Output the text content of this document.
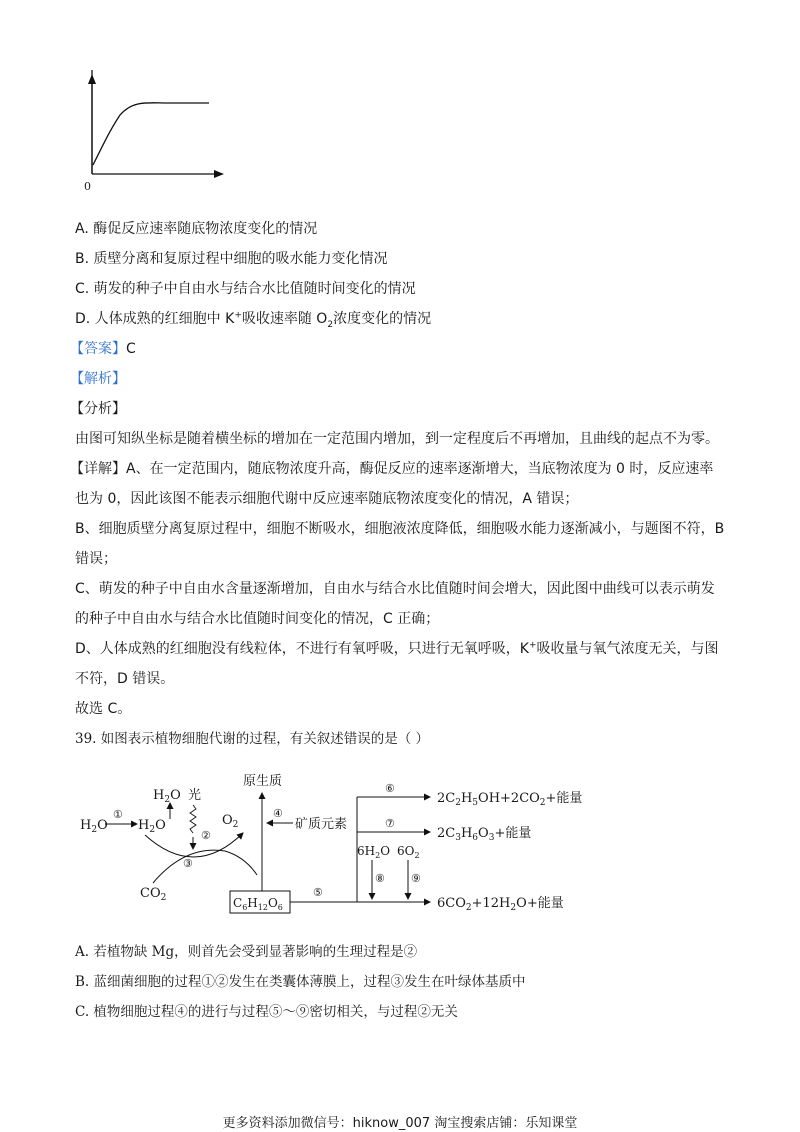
0
A. 酶促反应速率随底物浓度变化的情况
B. 质壁分离和复原过程中细胞的吸水能力变化情况
C. 萌发的种子中自由水与结合水比值随时间变化的情况
D. 人体成熟的红细胞中 K+吸收速率随 $O_2$浓度变化的情况
【答案】C
【解析】
【分析】
由图可知纵坐标是随着横坐标的增加在一定范围内增加，到一定程度后不再增加，且曲线的起点不为零。
【详解】A、在一定范围内，随底物浓度升高，酶促反应的速率逐渐增大，当底物浓度为 0 时，反应速率
也为 0，因此该图不能表示细胞代谢中反应速率随底物浓度变化的情况，A 错误；
B、细胞质壁分离复原过程中，细胞不断吸水，细胞液浓度降低，细胞吸水能力逐渐减小，与题图不符，B
错误；
C、萌发的种子中自由水含量逐渐增加，自由水与结合水比值随时间会增大，因此图中曲线可以表示萌发
的种子中自由水与结合水比值随时间变化的情况，C 正确；
D、人体成熟的红细胞没有线粒体，不进行有氧呼吸，只进行无氧呼吸，K+吸收量与氧气浓度无关，与图
不符，D 错误。
故选 C。
39. 如图表示植物细胞代谢的过程，有关叙述错误的是（ ）
$H_2O$
①
$H_2O$
$H_2O$ 光
②
$O_2$
③
$CO_2$	$C_6H_{12}O_6$
原生质
④
矿质元素
⑤
⑥
$2C_2H_5OH+2CO_2+$能量
⑦
$2C_3H_6O_3+$能量
$6H_2O$ $6O_2$
⑧ ⑨
$6CO_2+12H_2O+$能量
A. 若植物缺 Mg，则首先会受到显著影响的生理过程是②
B. 蓝细菌细胞的过程①②发生在类囊体薄膜上，过程③发生在叶绿体基质中
C. 植物细胞过程④的进行与过程⑤～⑨密切相关，与过程②无关
更多资料添加微信号：hiknow_007 淘宝搜索店铺：乐知课堂
